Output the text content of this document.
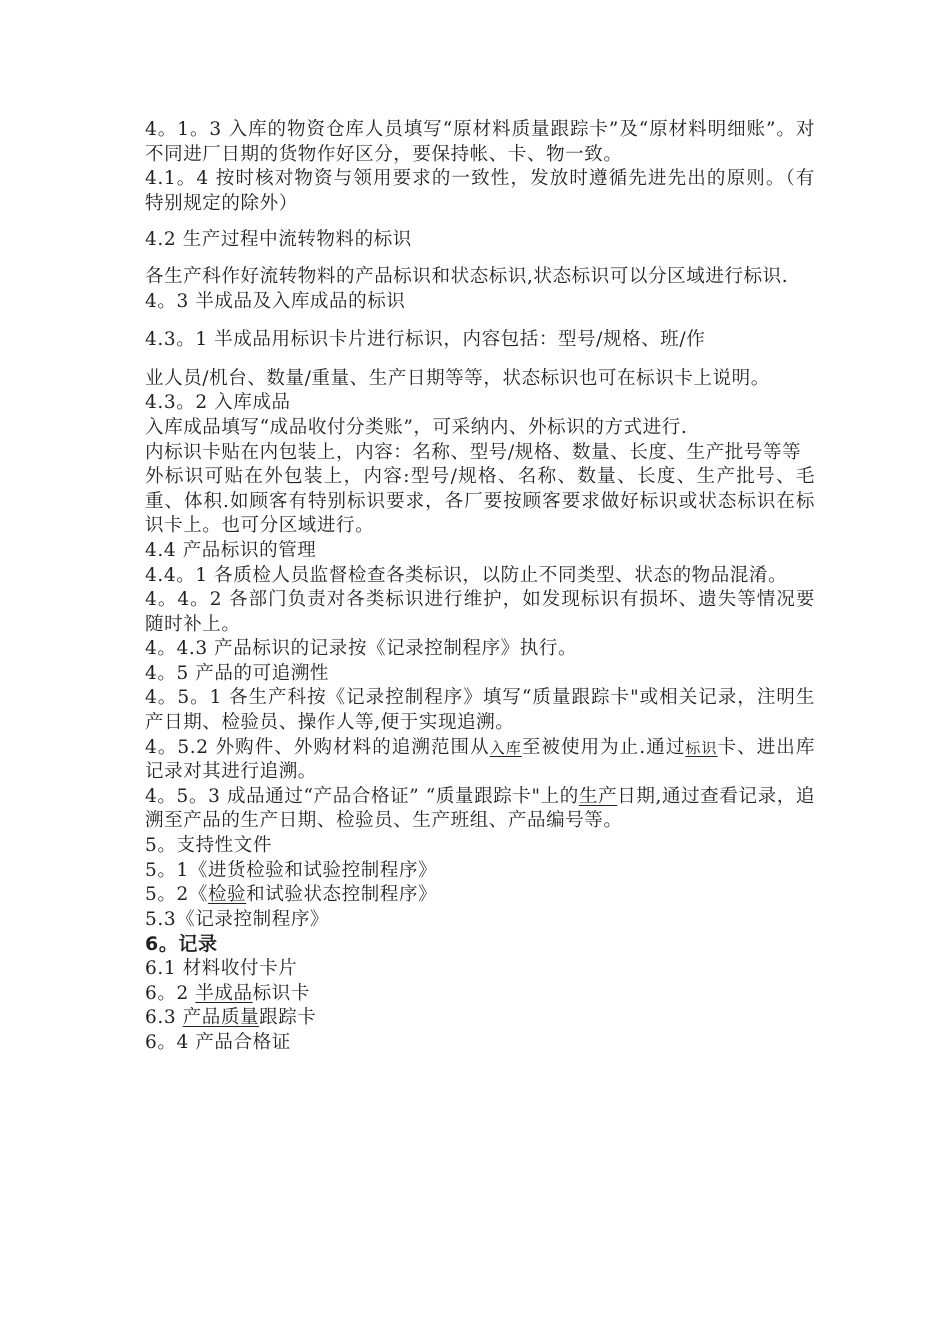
4。1。3 入库的物资仓库人员填写“原材料质量跟踪卡”及“原材料明细账”。对不同进厂日期的货物作好区分，要保持帐、卡、物一致。

4.1。4 按时核对物资与领用要求的一致性，发放时遵循先进先出的原则。（有特别规定的除外）

4.2 生产过程中流转物料的标识

各生产科作好流转物料的产品标识和状态标识,状态标识可以分区域进行标识.

4。3 半成品及入库成品的标识

4.3。1 半成品用标识卡片进行标识，内容包括：型号/规格、班/作

业人员/机台、数量/重量、生产日期等等，状态标识也可在标识卡上说明。

4.3。2 入库成品

入库成品填写“成品收付分类账”，可采纳内、外标识的方式进行.

内标识卡贴在内包装上，内容：名称、型号/规格、数量、长度、生产批号等等

外标识可贴在外包装上，内容:型号/规格、名称、数量、长度、生产批号、毛重、体积.如顾客有特别标识要求，各厂要按顾客要求做好标识或状态标识在标识卡上。也可分区域进行。

4.4 产品标识的管理

4.4。1 各质检人员监督检查各类标识，以防止不同类型、状态的物品混淆。

4。4。2 各部门负责对各类标识进行维护，如发现标识有损坏、遗失等情况要随时补上。

4。4.3 产品标识的记录按《记录控制程序》执行。

4。5 产品的可追溯性

4。5。1 各生产科按《记录控制程序》填写“质量跟踪卡"或相关记录，注明生产日期、检验员、操作人等,便于实现追溯。

4。5.2 外购件、外购材料的追溯范围从入库至被使用为止.通过标识卡、进出库记录对其进行追溯。

4。5。3 成品通过“产品合格证” “质量跟踪卡"上的生产日期,通过查看记录，追溯至产品的生产日期、检验员、生产班组、产品编号等。

5。支持性文件

5。1《进货检验和试验控制程序》

5。2《检验和试验状态控制程序》

5.3《记录控制程序》

6。记录

6.1 材料收付卡片

6。2 半成品标识卡

6.3 产品质量跟踪卡

6。4 产品合格证
